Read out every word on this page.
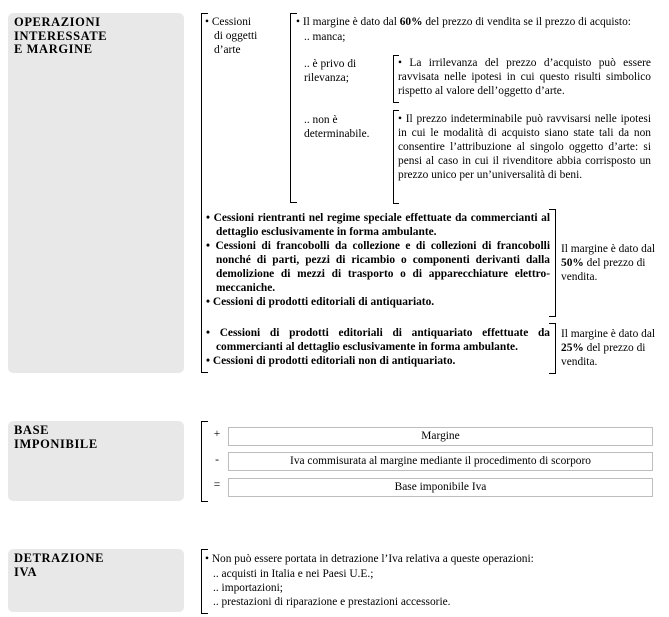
OPERAZIONI
INTERESSATE
E MARGINE
• Cessioni
di oggetti
d’arte
• Il margine è dato dal 60% del prezzo di vendita se il prezzo di acquisto:
.. manca;
.. è privo di
rilevanza;
• La irrilevanza del prezzo d’acquisto può essere ravvisata nelle ipotesi in cui questo risulti simbolico rispetto al valore dell’oggetto d’arte.
.. non è
determinabile.
• Il prezzo indeterminabile può ravvisarsi nelle ipotesi in cui le modalità di acquisto siano state tali da non consentire l’attribuzione al singolo oggetto d’arte: si pensi al caso in cui il rivenditore abbia corrisposto un prezzo unico per un’universalità di beni.
• Cessioni rientranti nel regime speciale effettuate da commercianti al dettaglio esclusivamente in forma ambulante.
• Cessioni di francobolli da collezione e di collezioni di francobolli nonché di parti, pezzi di ricambio o componenti derivanti dalla demolizione di mezzi di trasporto o di apparecchiature elettro-meccaniche.
• Cessioni di prodotti editoriali di antiquariato.
Il margine è dato dal 50% del prezzo di vendita.
• Cessioni di prodotti editoriali di antiquariato effettuate da commercianti al dettaglio esclusivamente in forma ambulante.
• Cessioni di prodotti editoriali non di antiquariato.
Il margine è dato dal 25% del prezzo di vendita.
BASE
IMPONIBILE
+	Margine
-	Iva commisurata al margine mediante il procedimento di scorporo
=	Base imponibile Iva
DETRAZIONE
IVA
• Non può essere portata in detrazione l’Iva relativa a queste operazioni:
.. acquisti in Italia e nei Paesi U.E.;
.. importazioni;
.. prestazioni di riparazione e prestazioni accessorie.
